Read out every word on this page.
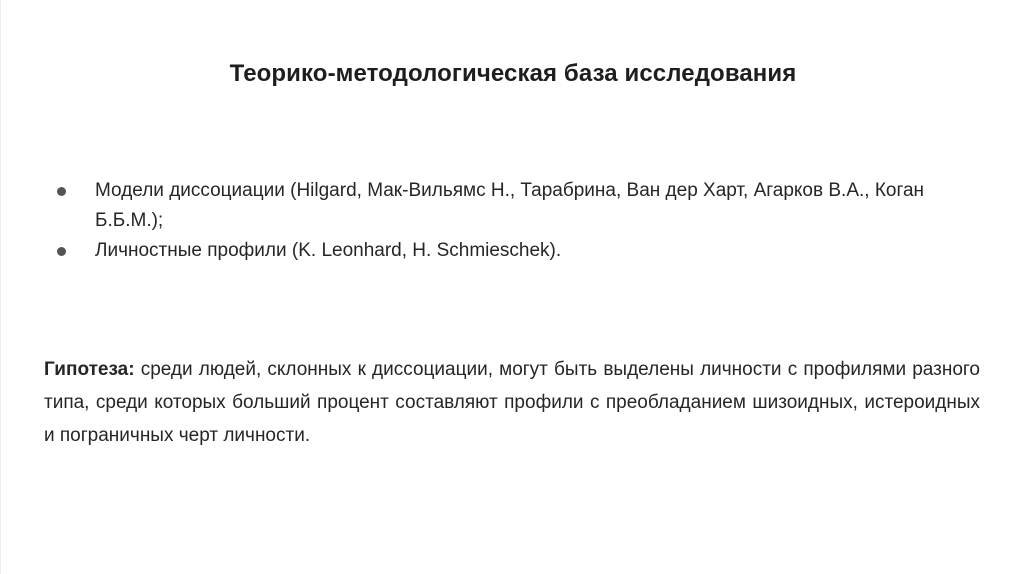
Теорико-методологическая база исследования
Модели диссоциации (Hilgard, Мак-Вильямс Н., Тарабрина, Ван дер Харт, Агарков В.А., Коган Б.Б.М.);
Личностные профили (K. Leonhard, H. Schmieschek).

Гипотеза: среди людей, склонных к диссоциации, могут быть выделены личности с профилями разного типа, среди которых больший процент составляют профили с преобладанием шизоидных, истероидных и пограничных черт личности.
